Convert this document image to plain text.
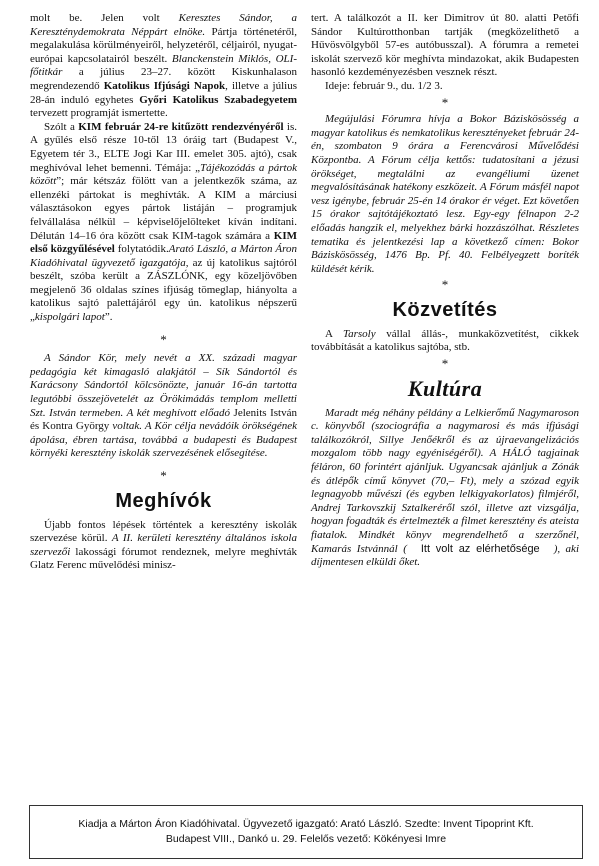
molt be. Jelen volt Keresztes Sándor, a Kereszténydemokrata Néppárt elnöke. Pártja történetéről, megalakulása körülményeiről, helyzetéről, céljairól, nyugat-európai kapcsolatairól beszélt. Blanckenstein Miklós, OLI-főtitkár a július 23–27. között Kiskunhalason megrendezendő Katolikus Ifjúsági Napok, illetve a július 28-án induló egyhetes Győri Katolikus Szabadegyetem tervezett programját ismertette.

Szólt a KIM február 24-re kitűzött rendezvényéről is. A gyűlés első része 10-től 13 óráig tart (Budapest V., Egyetem tér 3., ELTE Jogi Kar III. emelet 305. ajtó), csak meghívóval lehet bemenni. Témája: „Tájékozódás a pártok között”; már kétszáz fölött van a jelentkezők száma, az ellenzéki pártokat is meghívták. A KIM a márciusi választásokon egyes pártok listáján – programjuk felvállalása nélkül – képviselőjelölteket kíván indítani. Délután 14–16 óra között csak KIM-tagok számára a KIM első közgyűlésével folytatódik.Arató László, a Márton Áron Kiadóhivatal ügyvezető igazgatója, az új katolikus sajtóról beszélt, szóba került a ZÁSZLÓNK, egy közeljövőben megjelenő 36 oldalas színes ifjúság tömeglap, hiányolta a katolikus sajtó palettájáról egy ún. katolikus népszerű „kispolgári lapot”.

*

A Sándor Kör, mely nevét a XX. századi magyar pedagógia két kimagasló alakjától – Sík Sándortól és Karácsony Sándortól kölcsönözte, január 16-án tartotta legutóbbi összejövetelét az Örökimádás templom melletti Szt. István termeben. A két meghívott előadó Jelenits István és Kontra György voltak. A Kör célja nevádóik örökségének ápolása, ébren tartása, továbbá a budapesti és Budapest környéki keresztény iskolák szervezésének elősegítése.

*
Meghívók

Újabb fontos lépések történtek a keresztény iskolák szervezése körül. A II. kerületi keresztény általános iskola szervezői lakossági fórumot rendeznek, melyre meghívták Glatz Ferenc művelődési minisz-

tert. A találkozót a II. ker Dimitrov út 80. alatti Petőfi Sándor Kultúrotthonban tartják (megközelíthető a Hűvösvölgyből 57-es autóbusszal). A fórumra a remetei iskolát szervező kör meghívta mindazokat, akik Budapesten hasonló kezdeményezésben vesznek részt.

Ideje: február 9., du. 1/2 3.

*

Megújulási Fórumra hívja a Bokor Báziskösösség a magyar katolikus és nemkatolikus keresztényeket február 24-én, szombaton 9 órára a Ferencvárosi Művelődési Központba. A Fórum célja kettős: tudatosítani a jézusi örökséget, megtalálni az evangéliumi üzenet megvalósításának hatékony eszközeit. A Fórum másfél napot vesz igénybe, február 25-én 14 órakor ér véget. Ezt követően 15 órakor sajtótájékoztató lesz. Egy-egy félnapon 2-2 előadás hangzik el, melyekhez bárki hozzászólhat. Részletes tematika és jelentkezési lap a következő címen: Bokor Báziskösösség, 1476 Bp. Pf. 40. Felbélyegzett boríték küldését kérik.

*
Közvetítés

A Tarsoly vállal állás-, munkaközvetítést, cikkek továbbítását a katolikus sajtóba, stb.

*
Kultúra

Maradt még néhány példány a Lelkierőmű Nagymaroson c. könyvből (szociográfia a nagymarosi és más ifjúsági találkozókról, Sillye Jenőékről és az újraevangelizációs mozgalom több nagy egyéniségéről). A HÁLÓ tagjainak féláron, 60 forintért ajánljuk. Ugyancsak ajánljuk a Zónák és átlépők című könyvet (70,– Ft), mely a szózad egyik legnagyobb művészi (és egyben lelkigyakorlatos) filmjéről, Andrej Tarkovszkij Sztalkeréről szól, illetve azt vizsgálja, hogyan fogadták és értelmezték a filmet keresztény és ateista fiatalok. Mindkét könyv megrendelhető a szerzőnél, Kamarás Istvánnál ( Itt volt az elérhetősége ), aki díjmentesen elküldi őket.

Kiadja a Márton Áron Kiadóhivatal. Ügyvezető igazgató: Arató László. Szedte: Invent Tipoprint Kft.
Budapest VIII., Dankó u. 29. Felelős vezető: Kökényesi Imre
